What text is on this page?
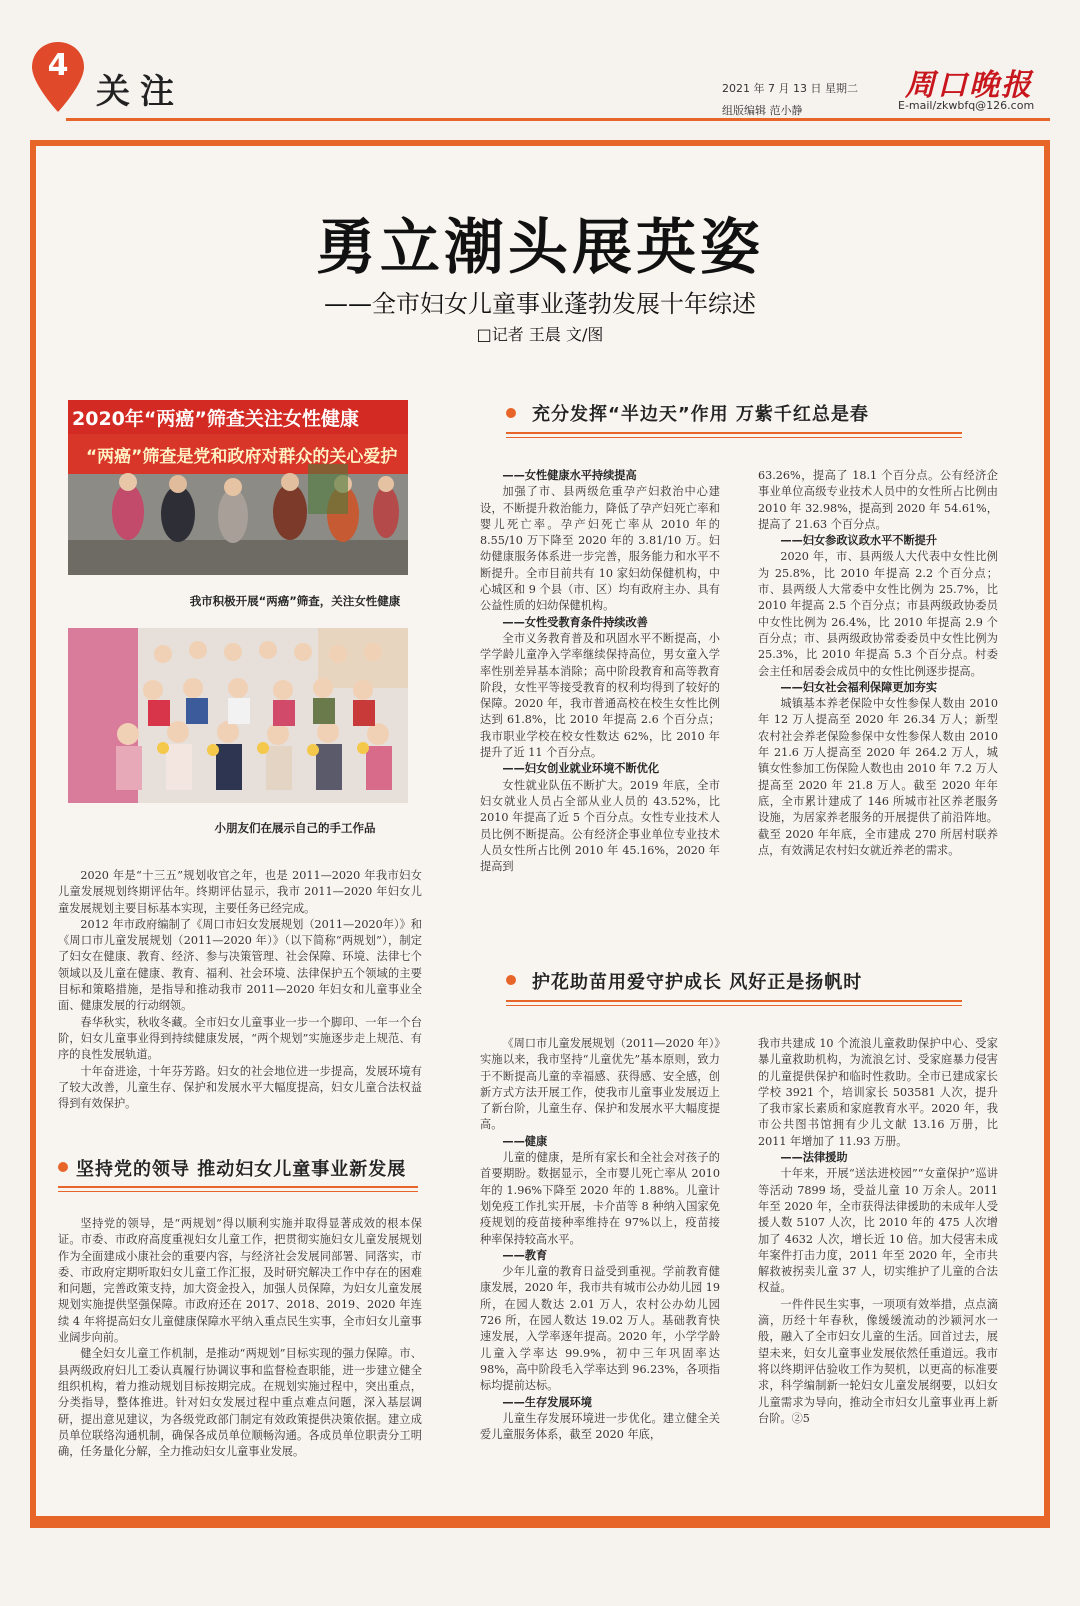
4
关注	2021 年 7 月 13 日 星期二
组版编辑 范小静
周口晚报
E-mail/zkwbfq@126.com
勇立潮头展英姿
——全市妇女儿童事业蓬勃发展十年综述
□记者 王晨 文/图
2020年“两癌”筛查关注女性健康
“两癌”筛查是党和政府对群众的关心爱护
我市积极开展“两癌”筛查，关注女性健康
小朋友们在展示自己的手工作品

2020 年是“十三五”规划收官之年，也是 2011—2020 年我市妇女儿童发展规划终期评估年。终期评估显示，我市 2011—2020 年妇女儿童发展规划主要目标基本实现，主要任务已经完成。

2012 年市政府编制了《周口市妇女发展规划（2011—2020年）》和《周口市儿童发展规划（2011—2020 年）》（以下简称“两规划”），制定了妇女在健康、教育、经济、参与决策管理、社会保障、环境、法律七个领域以及儿童在健康、教育、福利、社会环境、法律保护五个领域的主要目标和策略措施，是指导和推动我市 2011—2020 年妇女和儿童事业全面、健康发展的行动纲领。

春华秋实，秋收冬藏。全市妇女儿童事业一步一个脚印、一年一个台阶，妇女儿童事业得到持续健康发展，“两个规划”实施逐步走上规范、有序的良性发展轨道。

十年奋进途，十年芬芳路。妇女的社会地位进一步提高，发展环境有了较大改善，儿童生存、保护和发展水平大幅度提高，妇女儿童合法权益得到有效保护。

坚持党的领导 推动妇女儿童事业新发展

坚持党的领导，是“两规划”得以顺利实施并取得显著成效的根本保证。市委、市政府高度重视妇女儿童工作，把贯彻实施妇女儿童发展规划作为全面建成小康社会的重要内容，与经济社会发展同部署、同落实，市委、市政府定期听取妇女儿童工作汇报，及时研究解决工作中存在的困难和问题，完善政策支持，加大资金投入，加强人员保障，为妇女儿童发展规划实施提供坚强保障。市政府还在 2017、2018、2019、2020 年连续 4 年将提高妇女儿童健康保障水平纳入重点民生实事，全市妇女儿童事业阔步向前。

健全妇女儿童工作机制，是推动“两规划”目标实现的强力保障。市、县两级政府妇儿工委认真履行协调议事和监督检查职能，进一步建立健全组织机构，着力推动规划目标按期完成。在规划实施过程中，突出重点，分类指导，整体推进。针对妇女发展过程中重点难点问题，深入基层调研，提出意见建议，为各级党政部门制定有效政策提供决策依据。建立成员单位联络沟通机制，确保各成员单位顺畅沟通。各成员单位职责分工明确，任务量化分解，全力推动妇女儿童事业发展。

充分发挥“半边天”作用 万紫千红总是春
——女性健康水平持续提高

加强了市、县两级危重孕产妇救治中心建设，不断提升救治能力，降低了孕产妇死亡率和婴儿死亡率。孕产妇死亡率从 2010 年的 8.55/10 万下降至 2020 年的 3.81/10 万。妇幼健康服务体系进一步完善，服务能力和水平不断提升。全市目前共有 10 家妇幼保健机构，中心城区和 9 个县（市、区）均有政府主办、具有公益性质的妇幼保健机构。

——女性受教育条件持续改善

全市义务教育普及和巩固水平不断提高，小学学龄儿童净入学率继续保持高位，男女童入学率性别差异基本消除；高中阶段教育和高等教育阶段，女性平等接受教育的权利均得到了较好的保障。2020 年，我市普通高校在校生女性比例达到 61.8%，比 2010 年提高 2.6 个百分点；我市职业学校在校女性数达 62%，比 2010 年提升了近 11 个百分点。

——妇女创业就业环境不断优化

女性就业队伍不断扩大。2019 年底，全市妇女就业人员占全部从业人员的 43.52%，比 2010 年提高了近 5 个百分点。女性专业技术人员比例不断提高。公有经济企事业单位专业技术人员女性所占比例 2010 年 45.16%，2020 年提高到

63.26%，提高了 18.1 个百分点。公有经济企事业单位高级专业技术人员中的女性所占比例由 2010 年 32.98%，提高到 2020 年 54.61%，提高了 21.63 个百分点。
——妇女参政议政水平不断提升

2020 年，市、县两级人大代表中女性比例为 25.8%，比 2010 年提高 2.2 个百分点；市、县两级人大常委中女性比例为 25.7%，比 2010 年提高 2.5 个百分点；市县两级政协委员中女性比例为 26.4%，比 2010 年提高 2.9 个百分点；市、县两级政协常委委员中女性比例为 25.3%，比 2010 年提高 5.3 个百分点。村委会主任和居委会成员中的女性比例逐步提高。

——妇女社会福利保障更加夯实

城镇基本养老保险中女性参保人数由 2010 年 12 万人提高至 2020 年 26.34 万人；新型农村社会养老保险参保中女性参保人数由 2010 年 21.6 万人提高至 2020 年 264.2 万人，城镇女性参加工伤保险人数也由 2010 年 7.2 万人提高至 2020 年 21.8 万人。截至 2020 年年底，全市累计建成了 146 所城市社区养老服务设施，为居家养老服务的开展提供了前沿阵地。截至 2020 年年底，全市建成 270 所居村联养点，有效满足农村妇女就近养老的需求。

护花助苗用爱守护成长 风好正是扬帆时

《周口市儿童发展规划（2011—2020 年）》实施以来，我市坚持“儿童优先”基本原则，致力于不断提高儿童的幸福感、获得感、安全感，创新方式方法开展工作，使我市儿童事业发展迈上了新台阶，儿童生存、保护和发展水平大幅度提高。

——健康

儿童的健康，是所有家长和全社会对孩子的首要期盼。数据显示，全市婴儿死亡率从 2010 年的 1.96%下降至 2020 年的 1.88%。儿童计划免疫工作扎实开展，卡介苗等 8 种纳入国家免疫规划的疫苗接种率维持在 97%以上，疫苗接种率保持较高水平。

——教育

少年儿童的教育日益受到重视。学前教育健康发展，2020 年，我市共有城市公办幼儿园 19 所，在园人数达 2.01 万人，农村公办幼儿园 726 所，在园人数达 19.02 万人。基础教育快速发展，入学率逐年提高。2020 年，小学学龄儿童入学率达 99.9%，初中三年巩固率达 98%，高中阶段毛入学率达到 96.23%，各项指标均提前达标。

——生存发展环境

儿童生存发展环境进一步优化。建立健全关爱儿童服务体系，截至 2020 年底，

我市共建成 10 个流浪儿童救助保护中心、受家暴儿童救助机构，为流浪乞讨、受家庭暴力侵害的儿童提供保护和临时性救助。全市已建成家长学校 3921 个，培训家长 503581 人次，提升了我市家长素质和家庭教育水平。2020 年，我市公共图书馆拥有少儿文献 13.16 万册，比 2011 年增加了 11.93 万册。
——法律援助

十年来，开展“送法进校园”“女童保护”巡讲等活动 7899 场，受益儿童 10 万余人。2011 年至 2020 年，全市获得法律援助的未成年人受援人数 5107 人次，比 2010 年的 475 人次增加了 4632 人次，增长近 10 倍。加大侵害未成年案件打击力度，2011 年至 2020 年，全市共解救被拐卖儿童 37 人，切实维护了儿童的合法权益。

一件件民生实事，一项项有效举措，点点滴滴，历经十年春秋，像缓缓流动的沙颍河水一般，融入了全市妇女儿童的生活。回首过去，展望未来，妇女儿童事业发展依然任重道远。我市将以终期评估验收工作为契机，以更高的标准要求，科学编制新一轮妇女儿童发展纲要，以妇女儿童需求为导向，推动全市妇女儿童事业再上新台阶。②5
